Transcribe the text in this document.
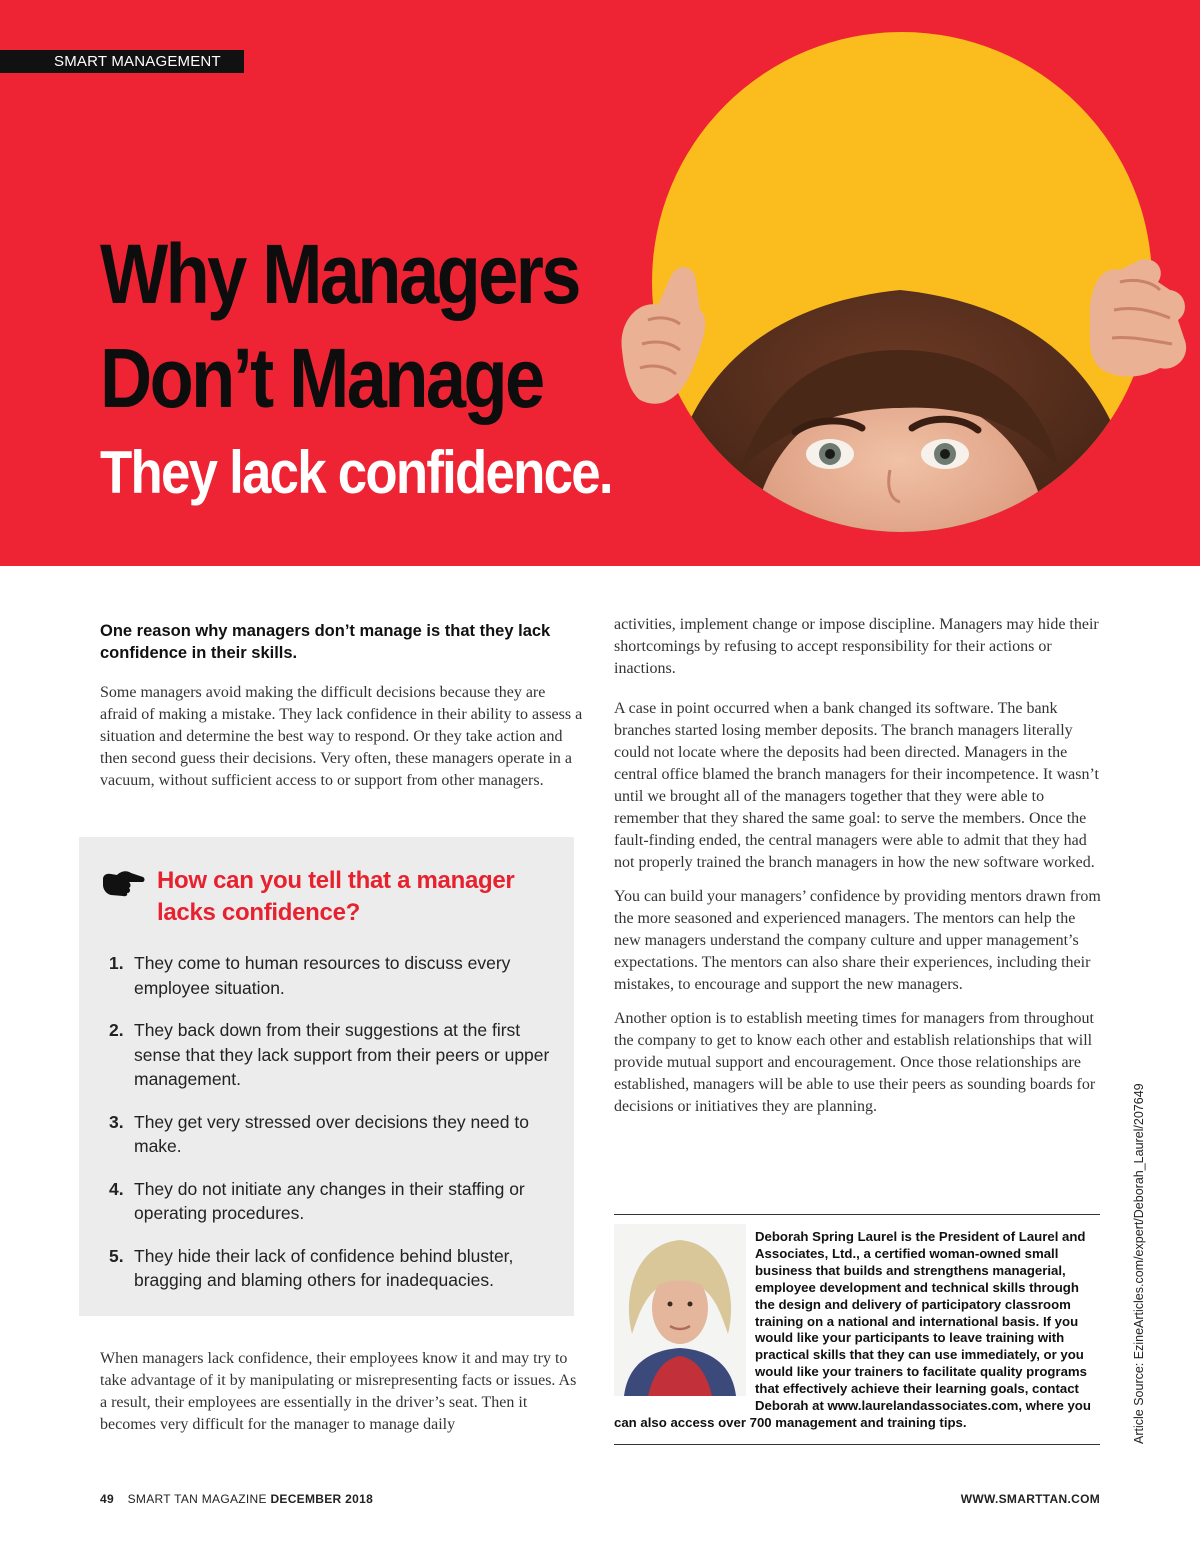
SMART MANAGEMENT
Why Managers
Don’t Manage
They lack confidence.

One reason why managers don’t manage is that they lack confidence in their skills.

Some managers avoid making the difficult decisions because they are afraid of making a mistake. They lack confidence in their ability to assess a situation and determine the best way to respond. Or they take action and then second guess their decisions. Very often, these managers operate in a vacuum, without sufficient access to or support from other managers.

How can you tell that a manager lacks confidence?
1. They come to human resources to discuss every employee situation.
2. They back down from their suggestions at the first sense that they lack support from their peers or upper management.
3. They get very stressed over decisions they need to make.
4. They do not initiate any changes in their staffing or operating procedures.
5. They hide their lack of confidence behind bluster, bragging and blaming others for inadequacies.

When managers lack confidence, their employees know it and may try to take advantage of it by manipulating or misrepresenting facts or issues. As a result, their employees are essentially in the driver’s seat. Then it becomes very difficult for the manager to manage daily

activities, implement change or impose discipline. Managers may hide their shortcomings by refusing to accept responsibility for their actions or inactions.

A case in point occurred when a bank changed its software. The bank branches started losing member deposits. The branch managers literally could not locate where the deposits had been directed. Managers in the central office blamed the branch managers for their incompetence. It wasn’t until we brought all of the managers together that they were able to remember that they shared the same goal: to serve the members. Once the fault-finding ended, the central managers were able to admit that they had not properly trained the branch managers in how the new software worked.

You can build your managers’ confidence by providing mentors drawn from the more seasoned and experienced managers. The mentors can help the new managers understand the company culture and upper management’s expectations. The mentors can also share their experiences, including their mistakes, to encourage and support the new managers.

Another option is to establish meeting times for managers from throughout the company to get to know each other and establish relationships that will provide mutual support and encouragement. Once those relationships are established, managers will be able to use their peers as sounding boards for decisions or initiatives they are planning.

Deborah Spring Laurel is the President of Laurel and Associates, Ltd., a certified woman-owned small business that builds and strengthens managerial, employee development and technical skills through the design and delivery of participatory classroom training on a national and international basis. If you would like your participants to leave training with practical skills that they can use immediately, or you would like your trainers to facilitate quality programs that effectively achieve their learning goals, contact Deborah at www.laurelandassociates.com, where you can also access over 700 management and training tips.	Article Source: EzineArticles.com/expert/Deborah_Laurel/207649
49 SMART TAN MAGAZINE DECEMBER 2018	WWW.SMARTTAN.COM
